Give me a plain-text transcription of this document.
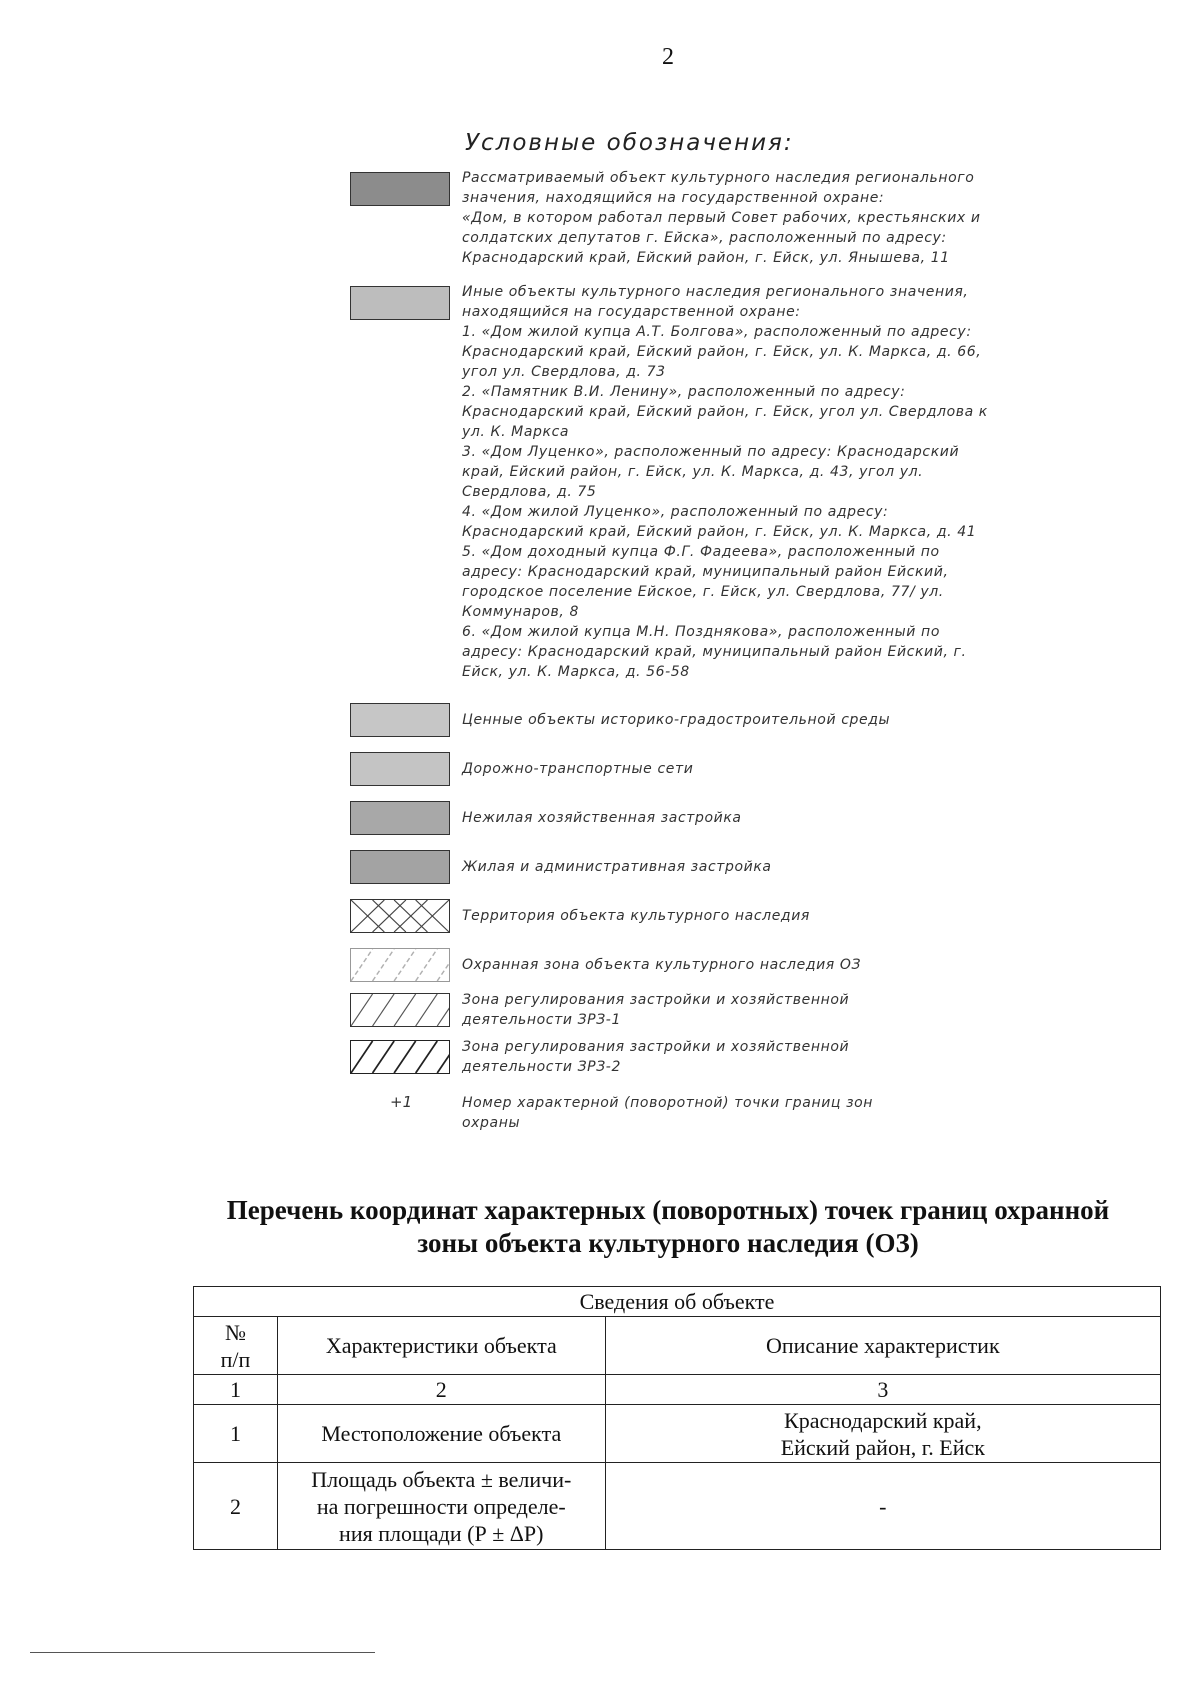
2
Условные обозначения:
Рассматриваемый объект культурного наследия регионального
значения, находящийся на государственной охране:
«Дом, в котором работал первый Совет рабочих, крестьянских и
солдатских депутатов г. Ейска», расположенный по адресу:
Краснодарский край, Ейский район, г. Ейск, ул. Янышева, 11
Иные объекты культурного наследия регионального значения,
находящийся на государственной охране:
1. «Дом жилой купца А.Т. Болгова», расположенный по адресу:
Краснодарский край, Ейский район, г. Ейск, ул. К. Маркса, д. 66,
угол ул. Свердлова, д. 73
2. «Памятник В.И. Ленину», расположенный по адресу:
Краснодарский край, Ейский район, г. Ейск, угол ул. Свердлова к
ул. К. Маркса
3. «Дом Луценко», расположенный по адресу: Краснодарский
край, Ейский район, г. Ейск, ул. К. Маркса, д. 43, угол ул.
Свердлова, д. 75
4. «Дом жилой Луценко», расположенный по адресу:
Краснодарский край, Ейский район, г. Ейск, ул. К. Маркса, д. 41
5. «Дом доходный купца Ф.Г. Фадеева», расположенный по
адресу: Краснодарский край, муниципальный район Ейский,
городское поселение Ейское, г. Ейск, ул. Свердлова, 77/ ул.
Коммунаров, 8
6. «Дом жилой купца М.Н. Позднякова», расположенный по
адресу: Краснодарский край, муниципальный район Ейский, г.
Ейск, ул. К. Маркса, д. 56-58
Ценные объекты историко-градостроительной среды
Дорожно-транспортные сети
Нежилая хозяйственная застройка
Жилая и административная застройка
Территория объекта культурного наследия
Охранная зона объекта культурного наследия ОЗ
Зона регулирования застройки и хозяйственной
деятельности ЗРЗ-1
Зона регулирования застройки и хозяйственной
деятельности ЗРЗ-2
+1	Номер характерной (поворотной) точки границ зон
охраны
Перечень координат характерных (поворотных) точек границ охранной
зоны объекта культурного наследия (ОЗ)
Сведения об объекте		

№
п/п	Характеристики объекта	Описание характеристик
1	2	3
1	Местоположение объекта	Краснодарский край,
Ейский район, г. Ейск

2	Площадь объекта ± величи-
на погрешности определе-
ния площади (Р ± ΔР)	-
